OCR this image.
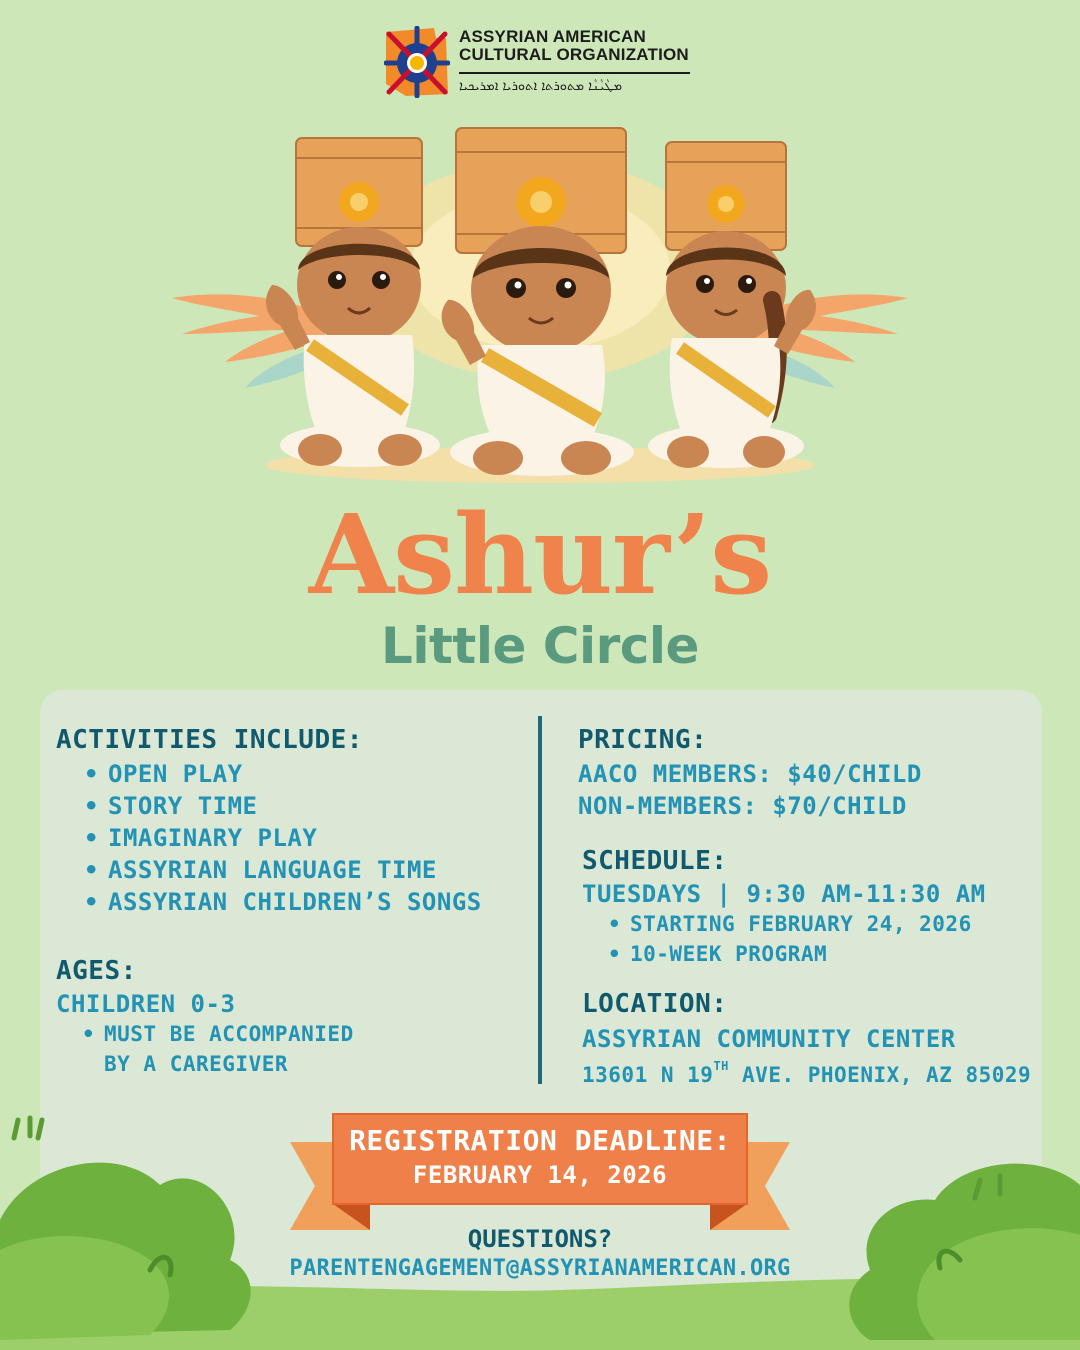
ASSYRIAN AMERICAN
CULTURAL ORGANIZATION
ܡܛܵܝܵܢܵܐ ܡܬܘܪܬܐ ܐܬܘܪܝܐ ܐܡܪܝܟܝܐ
Ashur’s
Little Circle
ACTIVITIES INCLUDE:
• OPEN PLAY
• STORY TIME
• IMAGINARY PLAY
• ASSYRIAN LANGUAGE TIME
• ASSYRIAN CHILDREN’S SONGS
AGES:
CHILDREN 0-3
• MUST BE ACCOMPANIED
BY A CAREGIVER
PRICING:
AACO MEMBERS: $40/CHILD
NON-MEMBERS: $70/CHILD
SCHEDULE:
TUESDAYS | 9:30 AM-11:30 AM
• STARTING FEBRUARY 24, 2026
• 10-WEEK PROGRAM
LOCATION:
ASSYRIAN COMMUNITY CENTER
13601 N 19TH AVE. PHOENIX, AZ 85029
REGISTRATION DEADLINE:
FEBRUARY 14, 2026
QUESTIONS?
PARENTENGAGEMENT@ASSYRIANAMERICAN.ORG
